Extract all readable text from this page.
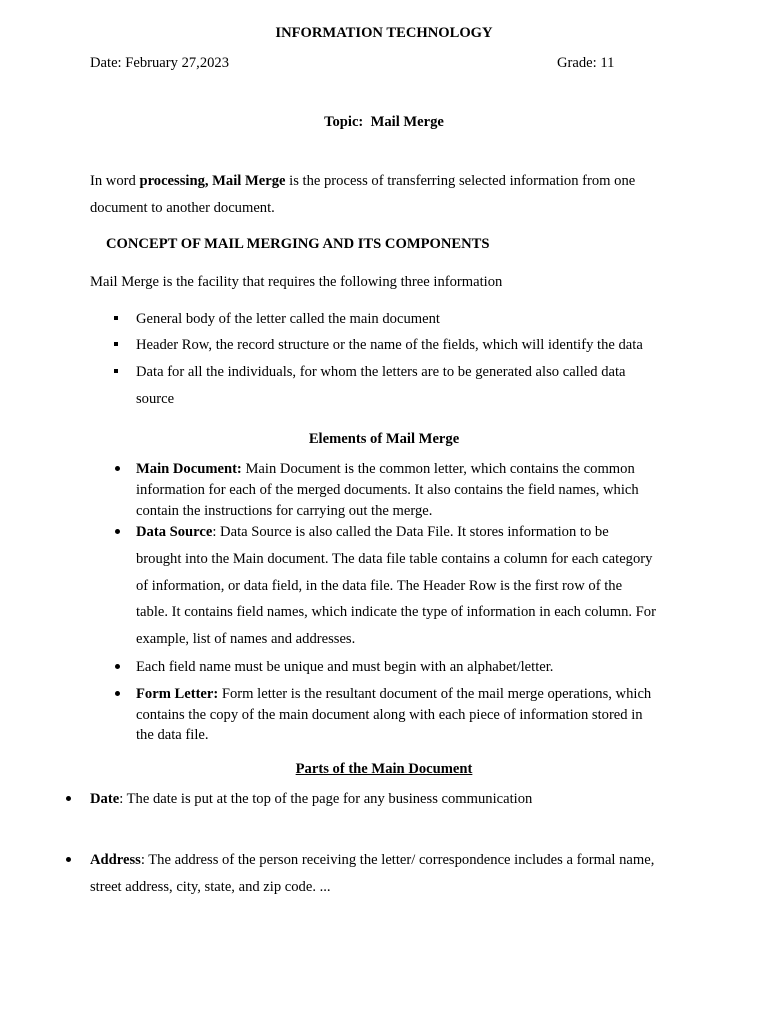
INFORMATION TECHNOLOGY
Date: February 27,2023	Grade: 11
Topic: Mail Merge
In word processing, Mail Merge is the process of transferring selected information from one
document to another document.
CONCEPT OF MAIL MERGING AND ITS COMPONENTS
Mail Merge is the facility that requires the following three information
General body of the letter called the main document
Header Row, the record structure or the name of the fields, which will identify the data
Data for all the individuals, for whom the letters are to be generated also called data
source
Elements of Mail Merge
Main Document: Main Document is the common letter, which contains the common
information for each of the merged documents. It also contains the field names, which
contain the instructions for carrying out the merge.
Data Source: Data Source is also called the Data File. It stores information to be
brought into the Main document. The data file table contains a column for each category
of information, or data field, in the data file. The Header Row is the first row of the
table. It contains field names, which indicate the type of information in each column. For
example, list of names and addresses.
Each field name must be unique and must begin with an alphabet/letter.
Form Letter: Form letter is the resultant document of the mail merge operations, which
contains the copy of the main document along with each piece of information stored in
the data file.
Parts of the Main Document
Date: The date is put at the top of the page for any business communication
Address: The address of the person receiving the letter/ correspondence includes a formal name,
street address, city, state, and zip code. ...
